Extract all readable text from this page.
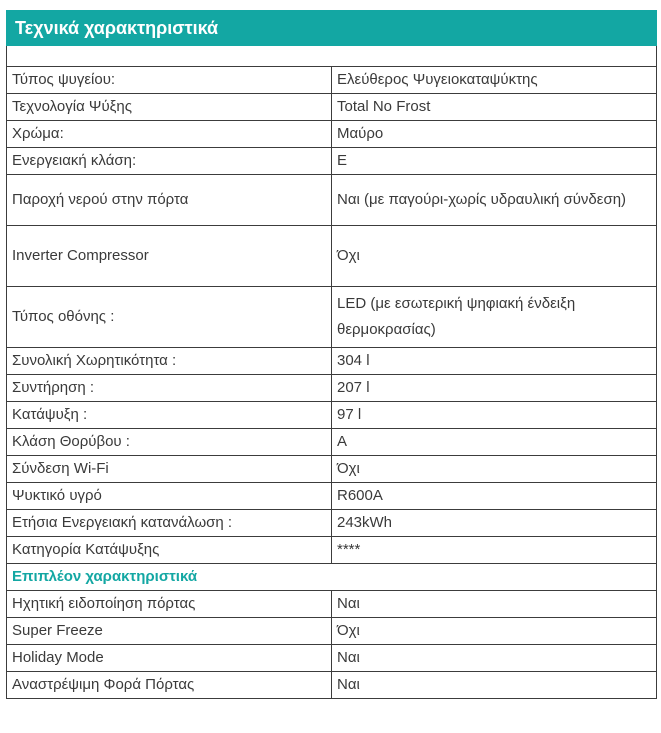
Τεχνικά χαρακτηριστικά	

Τύπος ψυγείου:	Ελεύθερος Ψυγειοκαταψύκτης
Τεχνολογία Ψύξης	Total No Frost
Χρώμα:	Μαύρο
Ενεργειακή κλάση:	E
Παροχή νερού στην πόρτα	Ναι (με παγούρι-χωρίς υδραυλική σύνδεση)
Inverter Compressor	Όχι
Τύπος οθόνης :	LED (με εσωτερική ψηφιακή ένδειξη θερμοκρασίας)
Συνολική Χωρητικότητα :	304 l
Συντήρηση :	207 l
Κατάψυξη :	97 l
Κλάση Θορύβου :	A
Σύνδεση Wi-Fi	Όχι
Ψυκτικό υγρό	R600A
Ετήσια Ενεργειακή κατανάλωση :	243kWh
Κατηγορία Κατάψυξης	****
Επιπλέον χαρακτηριστικά	
Ηχητική ειδοποίηση πόρτας	Ναι
Super Freeze	Όχι
Holiday Mode	Ναι
Αναστρέψιμη Φορά Πόρτας	Ναι
